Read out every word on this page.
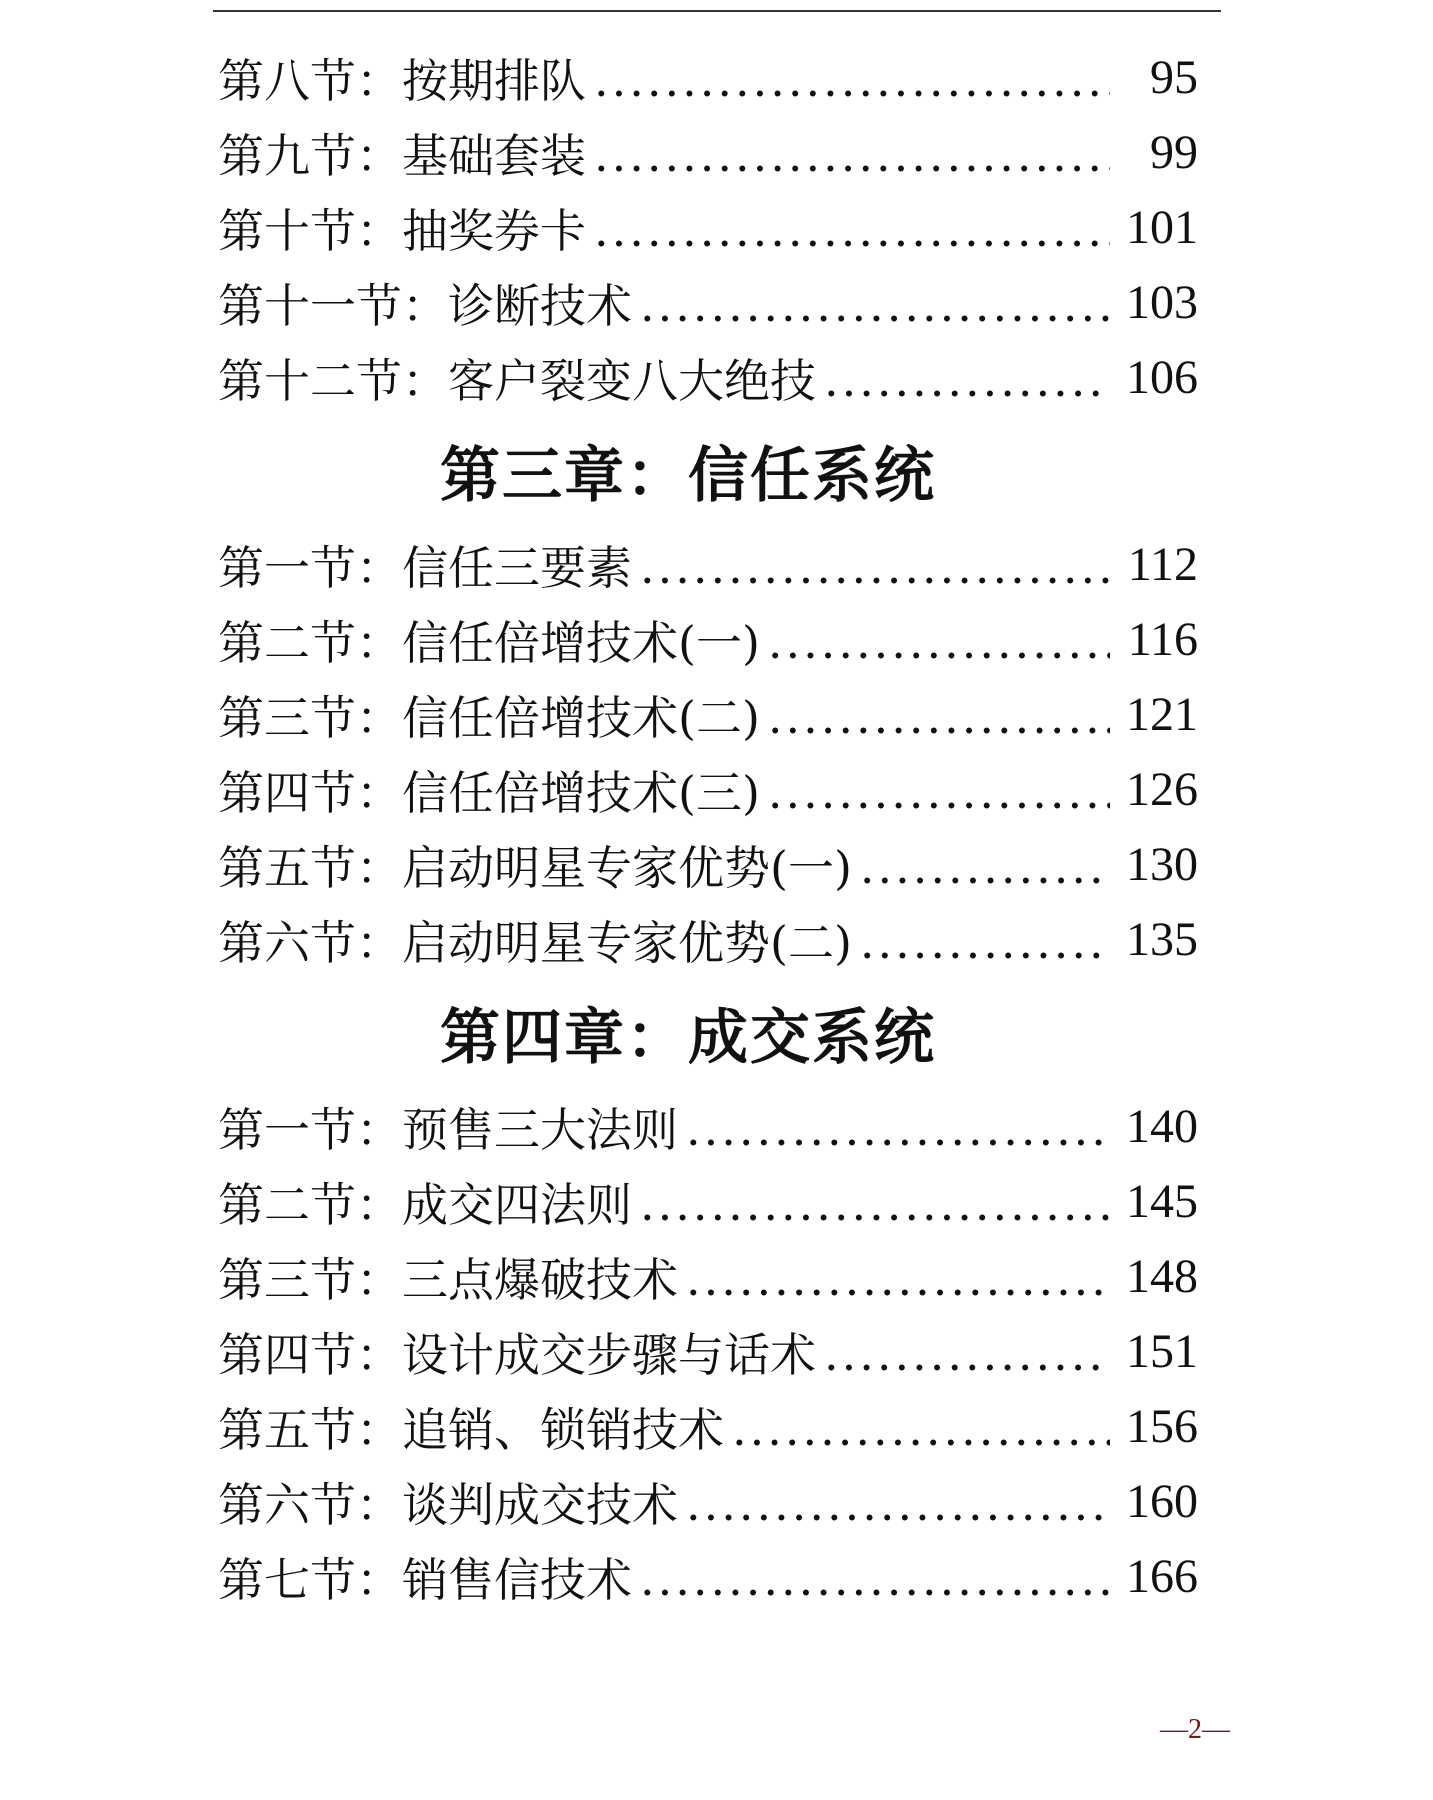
第八节：按期排队 .....	95
第九节：基础套装 .....	99
第十节：抽奖券卡 .....	101
第十一节：诊断技术 .....	103
第十二节：客户裂变八大绝技 .....	106
第三章：信任系统
第一节：信任三要素 .....	112
第二节：信任倍增技术(一) .....	116
第三节：信任倍增技术(二) .....	121
第四节：信任倍增技术(三) .....	126
第五节：启动明星专家优势(一) .....	130
第六节：启动明星专家优势(二) .....	135
第四章：成交系统
第一节：预售三大法则 .....	140
第二节：成交四法则 .....	145
第三节：三点爆破技术 .....	148
第四节：设计成交步骤与话术 .....	151
第五节：追销、锁销技术 .....	156
第六节：谈判成交技术 .....	160
第七节：销售信技术 .....	166
—2—
